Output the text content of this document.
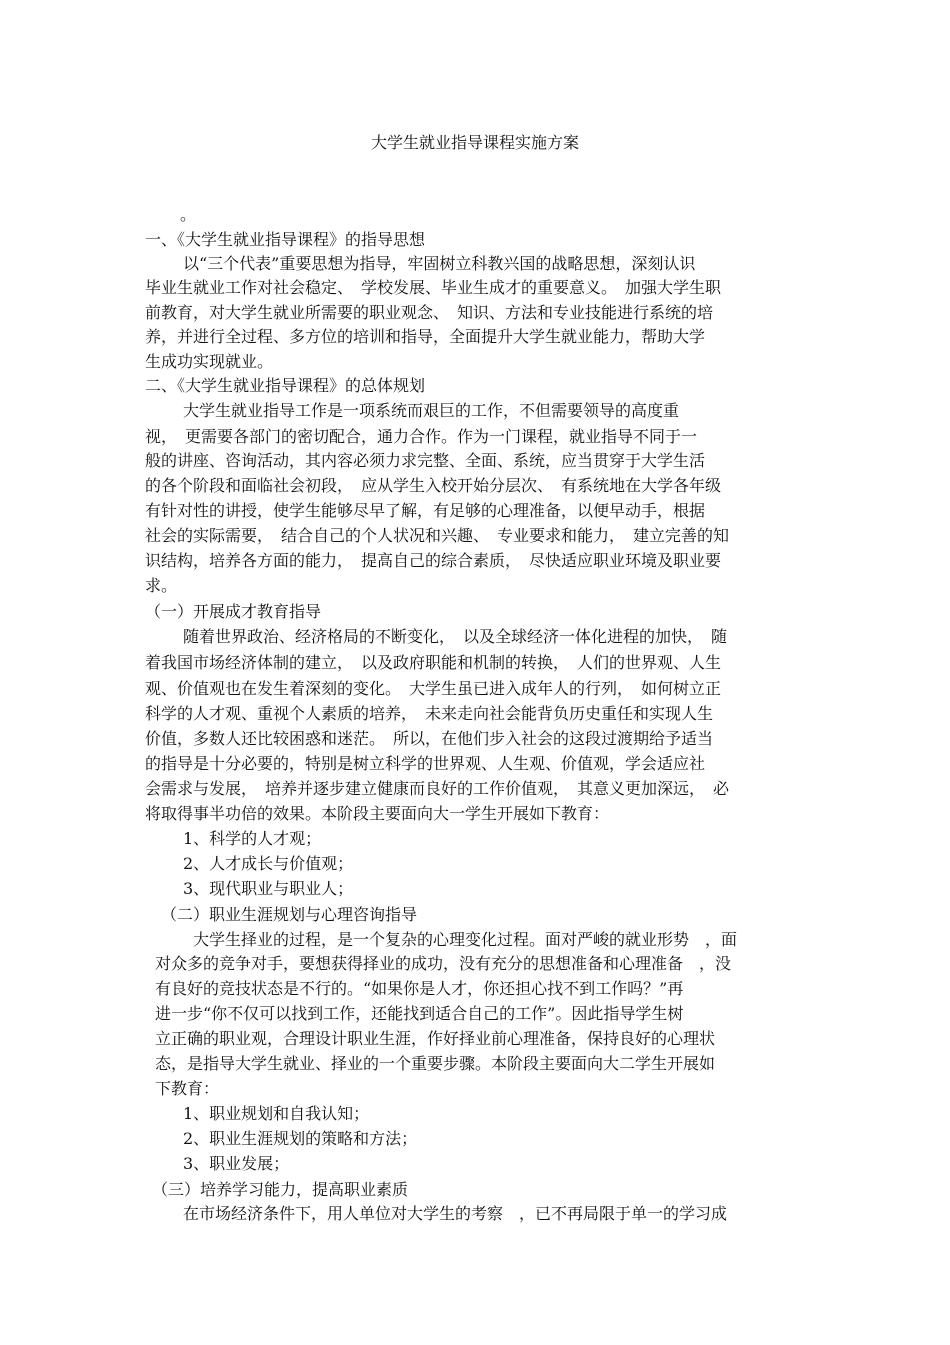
大学生就业指导课程实施方案
。
一、《大学生就业指导课程》的指导思想
以“三个代表”重要思想为指导，牢固树立科教兴国的战略思想，深刻认识
毕业生就业工作对社会稳定、　学校发展、毕业生成才的重要意义。　加强大学生职
前教育，对大学生就业所需要的职业观念、　知识、方法和专业技能进行系统的培
养，并进行全过程、多方位的培训和指导，全面提升大学生就业能力，帮助大学
生成功实现就业。
二、《大学生就业指导课程》的总体规划
大学生就业指导工作是一项系统而艰巨的工作，不但需要领导的高度重
视，　更需要各部门的密切配合，通力合作。作为一门课程，就业指导不同于一
般的讲座、咨询活动，其内容必须力求完整、全面、系统，应当贯穿于大学生活
的各个阶段和面临社会初段，　应从学生入校开始分层次、　有系统地在大学各年级
有针对性的讲授，使学生能够尽早了解，有足够的心理准备，以便早动手，根据
社会的实际需要，　结合自己的个人状况和兴趣、　专业要求和能力，　建立完善的知
识结构，培养各方面的能力，　提高自己的综合素质，　尽快适应职业环境及职业要
求。
（一）开展成才教育指导
随着世界政治、经济格局的不断变化，　以及全球经济一体化进程的加快，　随
着我国市场经济体制的建立，　以及政府职能和机制的转换，　人们的世界观、人生
观、价值观也在发生着深刻的变化。　大学生虽已进入成年人的行列，　如何树立正
科学的人才观、重视个人素质的培养，　未来走向社会能背负历史重任和实现人生
价值，多数人还比较困惑和迷茫。　所以，在他们步入社会的这段过渡期给予适当
的指导是十分必要的，特别是树立科学的世界观、人生观、价值观，学会适应社
会需求与发展，　培养并逐步建立健康而良好的工作价值观，　其意义更加深远，　必
将取得事半功倍的效果。本阶段主要面向大一学生开展如下教育：
1、科学的人才观；
2、人才成长与价值观；
3、现代职业与职业人；
（二）职业生涯规划与心理咨询指导
大学生择业的过程，是一个复杂的心理变化过程。面对严峻的就业形势　，面
对众多的竞争对手，要想获得择业的成功，没有充分的思想准备和心理准备　，没
有良好的竞技状态是不行的。“如果你是人才，你还担心找不到工作吗？”再
进一步“你不仅可以找到工作，还能找到适合自己的工作”。因此指导学生树
立正确的职业观，合理设计职业生涯，作好择业前心理准备，保持良好的心理状
态，是指导大学生就业、择业的一个重要步骤。本阶段主要面向大二学生开展如
下教育：
1、职业规划和自我认知；
2、职业生涯规划的策略和方法；
3、职业发展；
（三）培养学习能力，提高职业素质
在市场经济条件下，用人单位对大学生的考察　，已不再局限于单一的学习成
